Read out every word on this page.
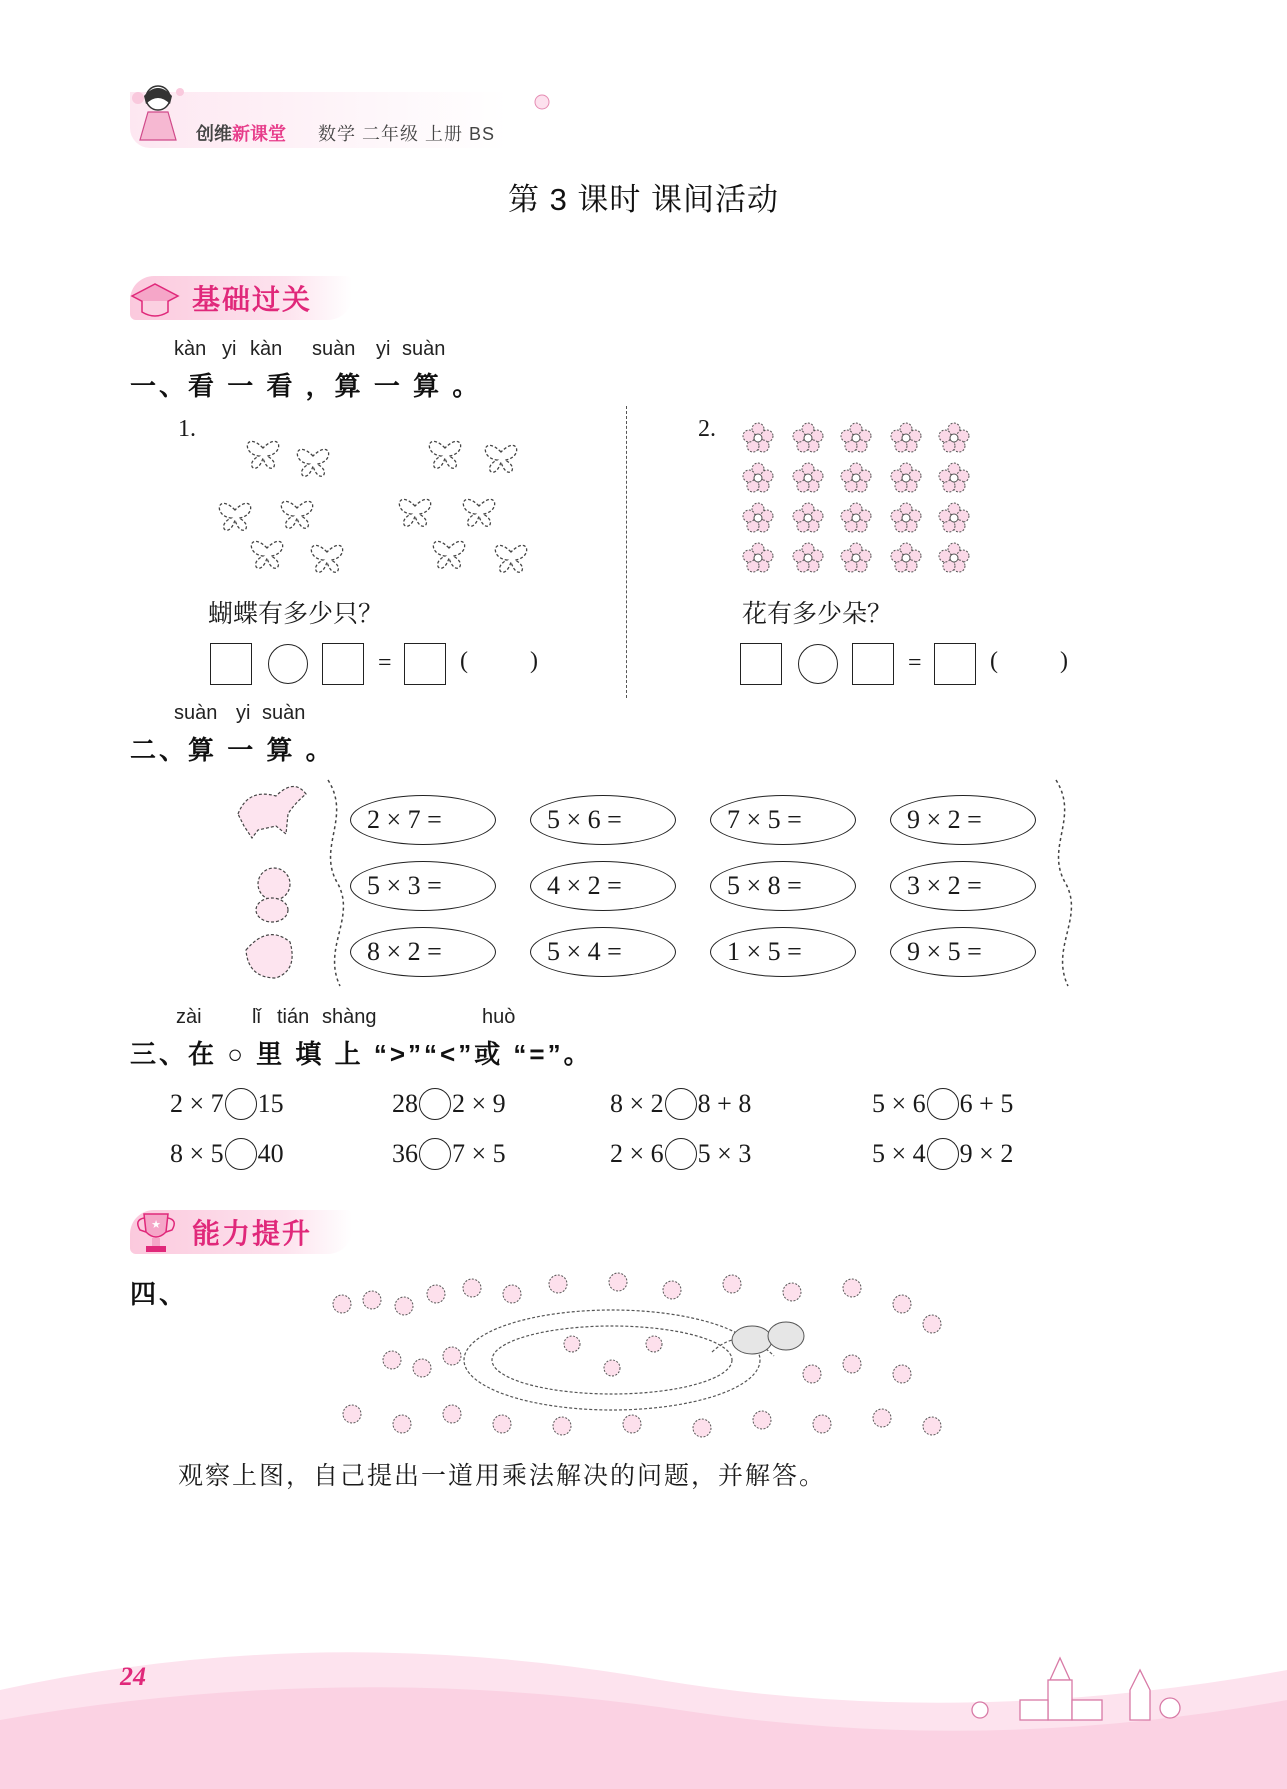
创维新课堂 数学 二年级 上册 BS
第 3 课时 课间活动
基础过关
kàn yi kàn suàn yi suàn
一、看 一 看 ，算 一 算 。
1.
蝴蝶有多少只？
=	(	)
2.
花有多少朵？
=	(	)
suàn yi suàn
二、算 一 算 。
2 × 7 =	5 × 6 =	7 × 5 =	9 × 2 =
5 × 3 =	4 × 2 =	5 × 8 =	3 × 2 =
8 × 2 =	5 × 4 =	1 × 5 =	9 × 5 =
zài	lǐ tián shàng	huò
三、在 ○ 里 填 上 “>”“<”或 “=”。
2 × 7 15	28 2 × 9	8 × 2 8 + 8	5 × 6 6 + 5
8 × 5 40	36 7 × 5	2 × 6 5 × 3	5 × 4 9 × 2
★ 能力提升
四、
观察上图，自己提出一道用乘法解决的问题，并解答。
24
